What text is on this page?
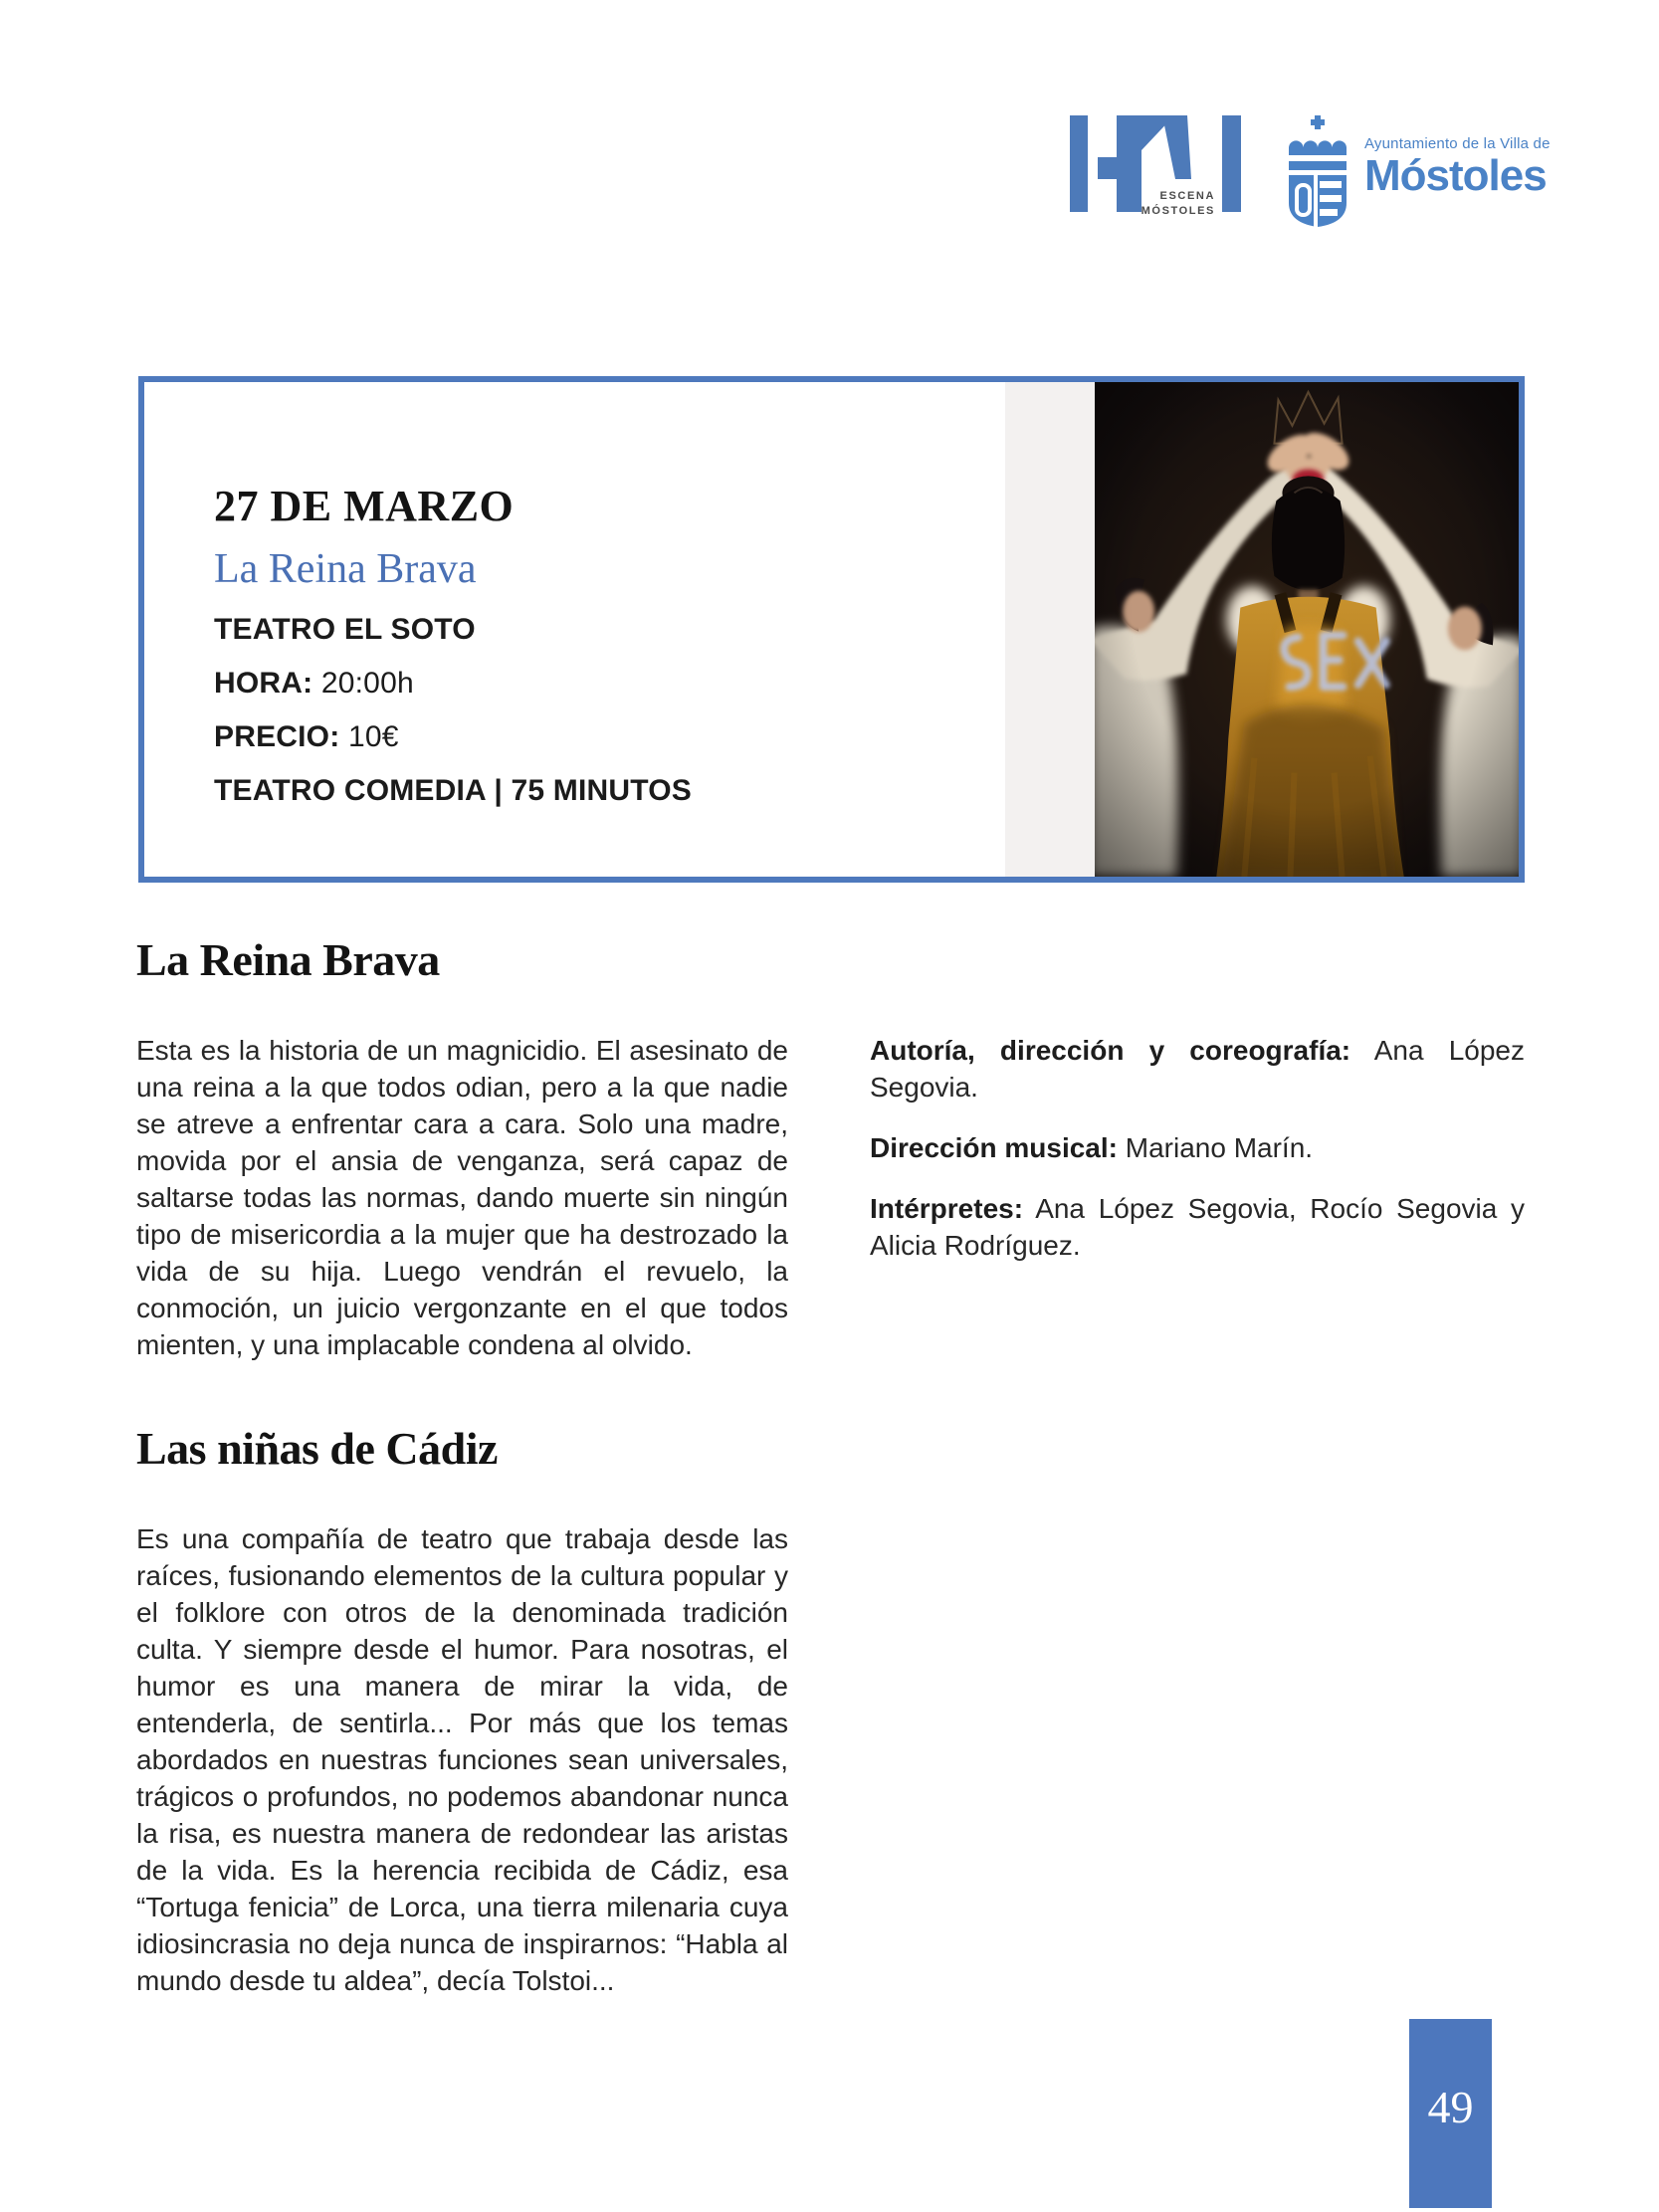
ESCENA
MÓSTOLES
Ayuntamiento de la Villa de
Móstoles
27 DE MARZO
La Reina Brava

TEATRO EL SOTO

HORA: 20:00h

PRECIO: 10€

TEATRO COMEDIA | 75 MINUTOS

La Reina Brava

Esta es la historia de un magnicidio. El asesinato de una reina a la que todos odian, pero a la que nadie se atreve a enfrentar cara a cara. Solo una madre, movida por el ansia de venganza, será capaz de saltarse todas las normas, dando muerte sin ningún tipo de misericordia a la mujer que ha destrozado la vida de su hija. Luego vendrán el revuelo, la conmoción, un juicio vergonzante en el que todos mienten, y una implacable condena al olvido.

Las niñas de Cádiz

Es una compañía de teatro que trabaja desde las raíces, fusionando elementos de la cultura popular y el folklore con otros de la denominada tradición culta. Y siempre desde el humor. Para nosotras, el humor es una manera de mirar la vida, de entenderla, de sentirla... Por más que los temas abordados en nuestras funciones sean universales, trágicos o profundos, no podemos abandonar nunca la risa, es nuestra manera de redondear las aristas de la vida. Es la herencia recibida de Cádiz, esa “Tortuga fenicia” de Lorca, una tierra milenaria cuya idiosincrasia no deja nunca de inspirarnos: “Habla al mundo desde tu aldea”, decía Tolstoi...

Autoría, dirección y coreografía: Ana López Segovia.

Dirección musical: Mariano Marín.

Intérpretes: Ana López Segovia, Rocío Segovia y Alicia Rodríguez.

49
